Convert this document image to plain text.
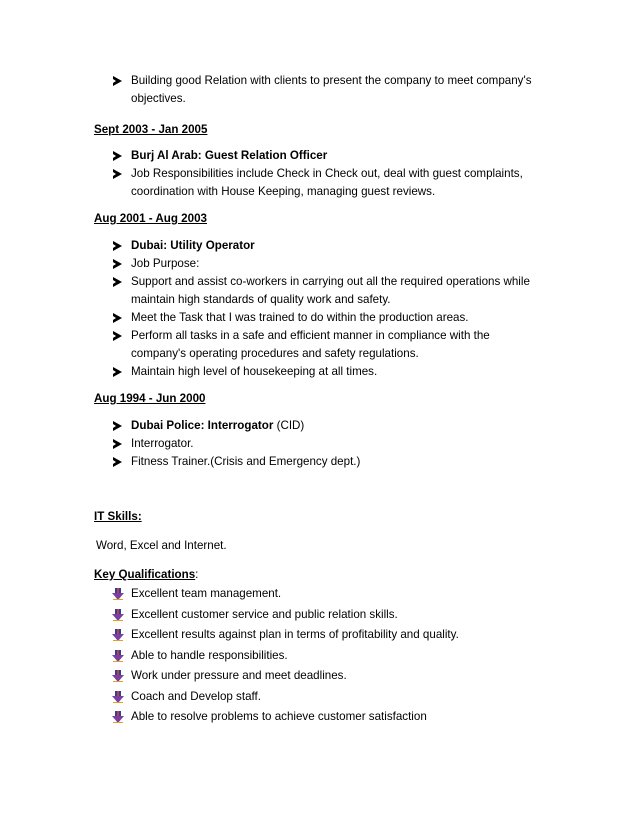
Building good Relation with clients to present the company to meet company's objectives.
Sept 2003 - Jan 2005
Burj Al Arab: Guest Relation Officer
Job Responsibilities include Check in Check out, deal with guest complaints, coordination with House Keeping, managing guest reviews.
Aug 2001 - Aug 2003
Dubai: Utility Operator
Job Purpose:
Support and assist co-workers in carrying out all the required operations while maintain high standards of quality work and safety.
Meet the Task that I was trained to do within the production areas.
Perform all tasks in a safe and efficient manner in compliance with the company's operating procedures and safety regulations.
Maintain high level of housekeeping at all times.
Aug 1994 - Jun 2000
Dubai Police: Interrogator (CID)
Interrogator.
Fitness Trainer.(Crisis and Emergency dept.)
IT Skills:
Word, Excel and Internet.
Key Qualifications:
Excellent team management.
Excellent customer service and public relation skills.
Excellent results against plan in terms of profitability and quality.
Able to handle responsibilities.
Work under pressure and meet deadlines.
Coach and Develop staff.
Able to resolve problems to achieve customer satisfaction
